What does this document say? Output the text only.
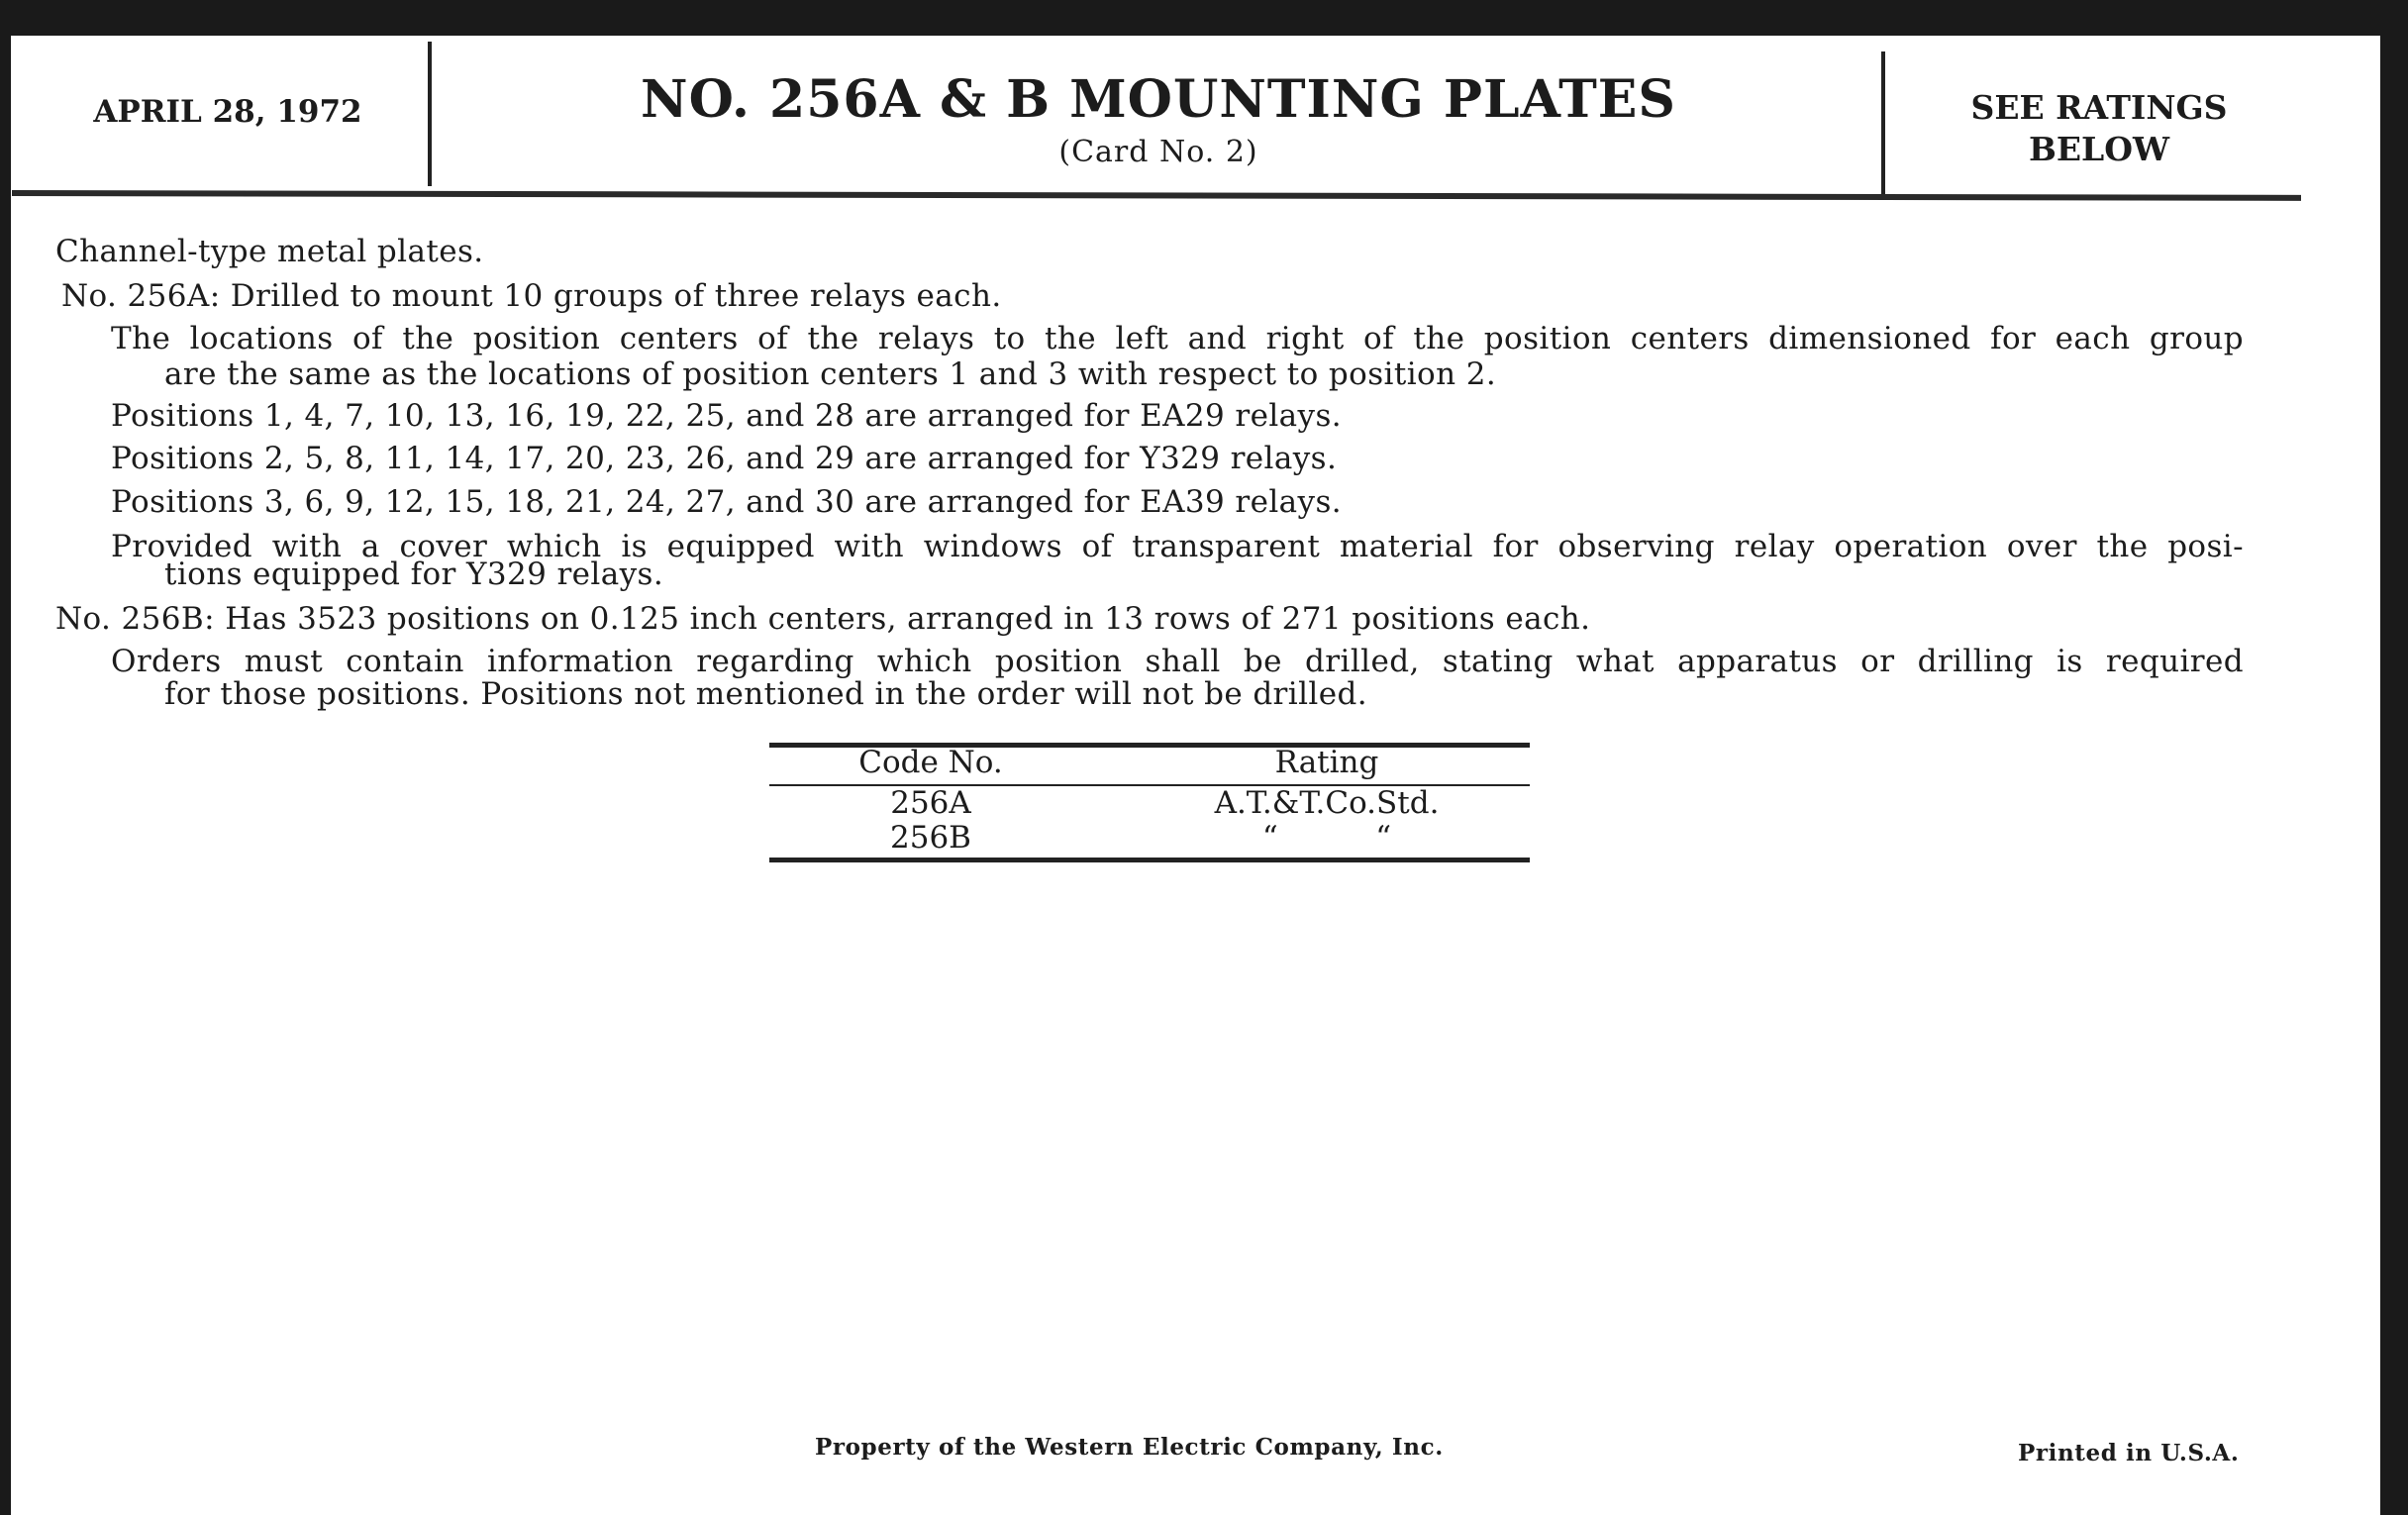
APRIL 28, 1972	NO. 256A & B MOUNTING PLATES
(Card No. 2)
SEE RATINGS
BELOW
Channel-type metal plates.
No. 256A: Drilled to mount 10 groups of three relays each.
The locations of the position centers of the relays to the left and right of the position centers dimensioned for each group
are the same as the locations of position centers 1 and 3 with respect to position 2.
Positions 1, 4, 7, 10, 13, 16, 19, 22, 25, and 28 are arranged for EA29 relays.
Positions 2, 5, 8, 11, 14, 17, 20, 23, 26, and 29 are arranged for Y329 relays.
Positions 3, 6, 9, 12, 15, 18, 21, 24, 27, and 30 are arranged for EA39 relays.
Provided with a cover which is equipped with windows of transparent material for observing relay operation over the posi-
tions equipped for Y329 relays.
No. 256B: Has 3523 positions on 0.125 inch centers, arranged in 13 rows of 271 positions each.
Orders must contain information regarding which position shall be drilled, stating what apparatus or drilling is required
for those positions. Positions not mentioned in the order will not be drilled.
Code No.	Rating
256A	A.T.&T.Co.Std.
256B	“          “
Property of the Western Electric Company, Inc.	Printed in U.S.A.
